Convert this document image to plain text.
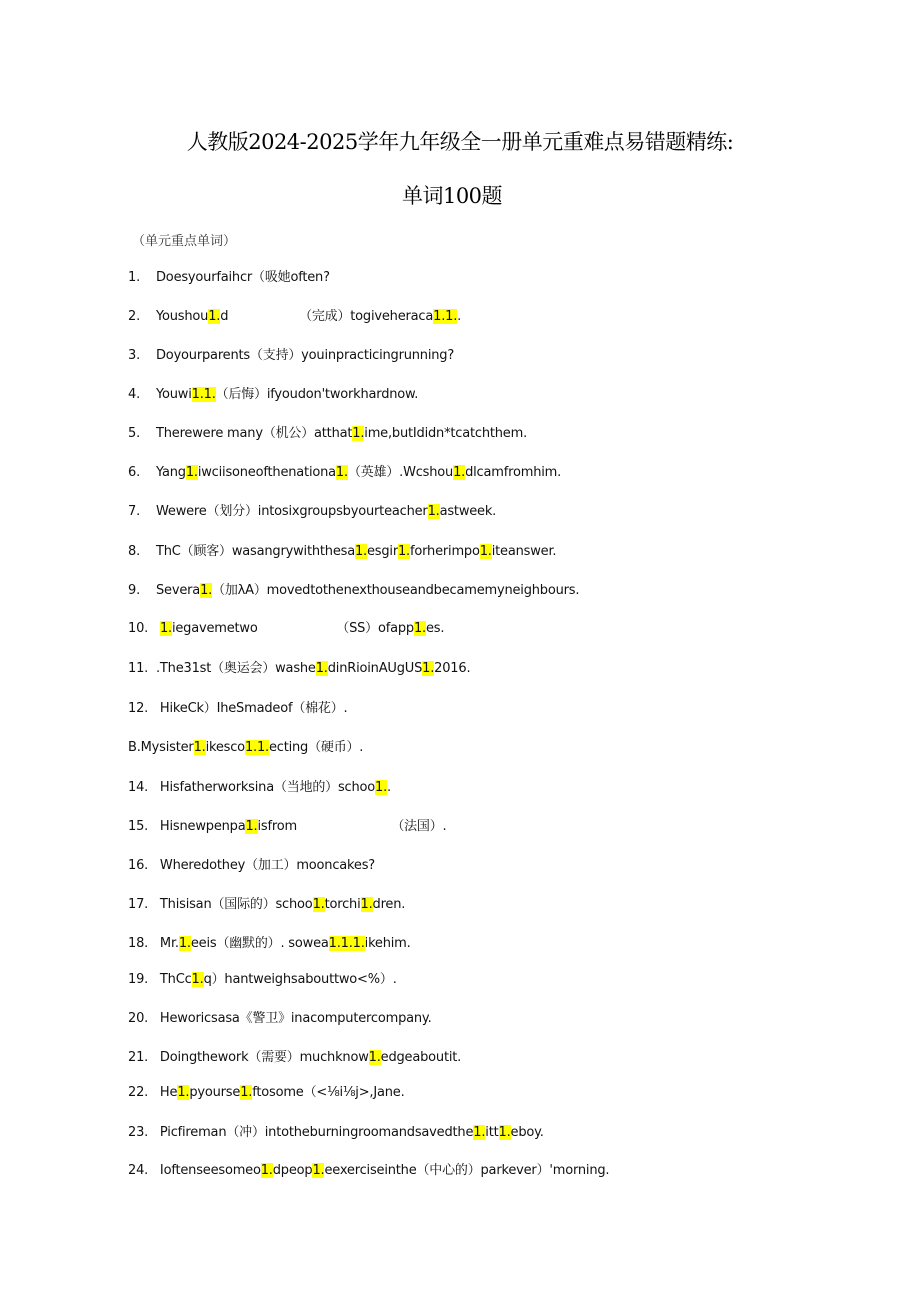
人教版2024-2025学年九年级全一册单元重难点易错题精练:
单词100题
（单元重点单词）
1. Doesyourfaihcr（吸她often?
2. Youshou1.d                  （完成）togiveheraca1.1..
3. Doyourparents（支持）youinpracticingrunning?
4. Youwi1.1.（后悔）ifyoudon'tworkhardnow.
5. Therewere many（机公）atthat1.ime,butIdidn*tcatchthem.
6. Yang1.iwciisoneofthenationa1.（英雄）.Wcshou1.dlcamfromhim.
7. Wewere（划分）intosixgroupsbyourteacher1.astweek.
8. ThC（顾客）wasangrywiththesa1.esgir1.forherimpo1.iteanswer.
9. Severa1.（加λA）movedtothenexthouseandbecamemyneighbours.
10. 1.iegavemetwo                    （SS）ofapp1.es.
11. .The31st（奥运会）washe1.dinRioinAUgUS1.2016.
12. HikeCk）IheSmadeof（棉花）.
B.Mysister1.ikesco1.1.ecting（硬币）.
14. Hisfatherworksina（当地的）schoo1..
15. Hisnewpenpa1.isfrom                        （法国）.
16. Wheredothey（加工）mooncakes?
17. Thisisan（国际的）schoo1.torchi1.dren.
18. Mr.1.eeis（幽默的）. sowea1.1.1.ikehim.
19. ThCc1.q）hantweighsabouttwo<%）.
20. Heworicsasa《警卫》inacomputercompany.
21. Doingthework（需要）muchknow1.edgeaboutit.
22. He1.pyourse1.ftosome（<⅛i⅛j>,Jane.
23. Picfireman（冲）intotheburningroomandsavedthe1.itt1.eboy.
24. Ioftenseesomeo1.dpeop1.eexerciseinthe（中心的）parkever）'morning.
